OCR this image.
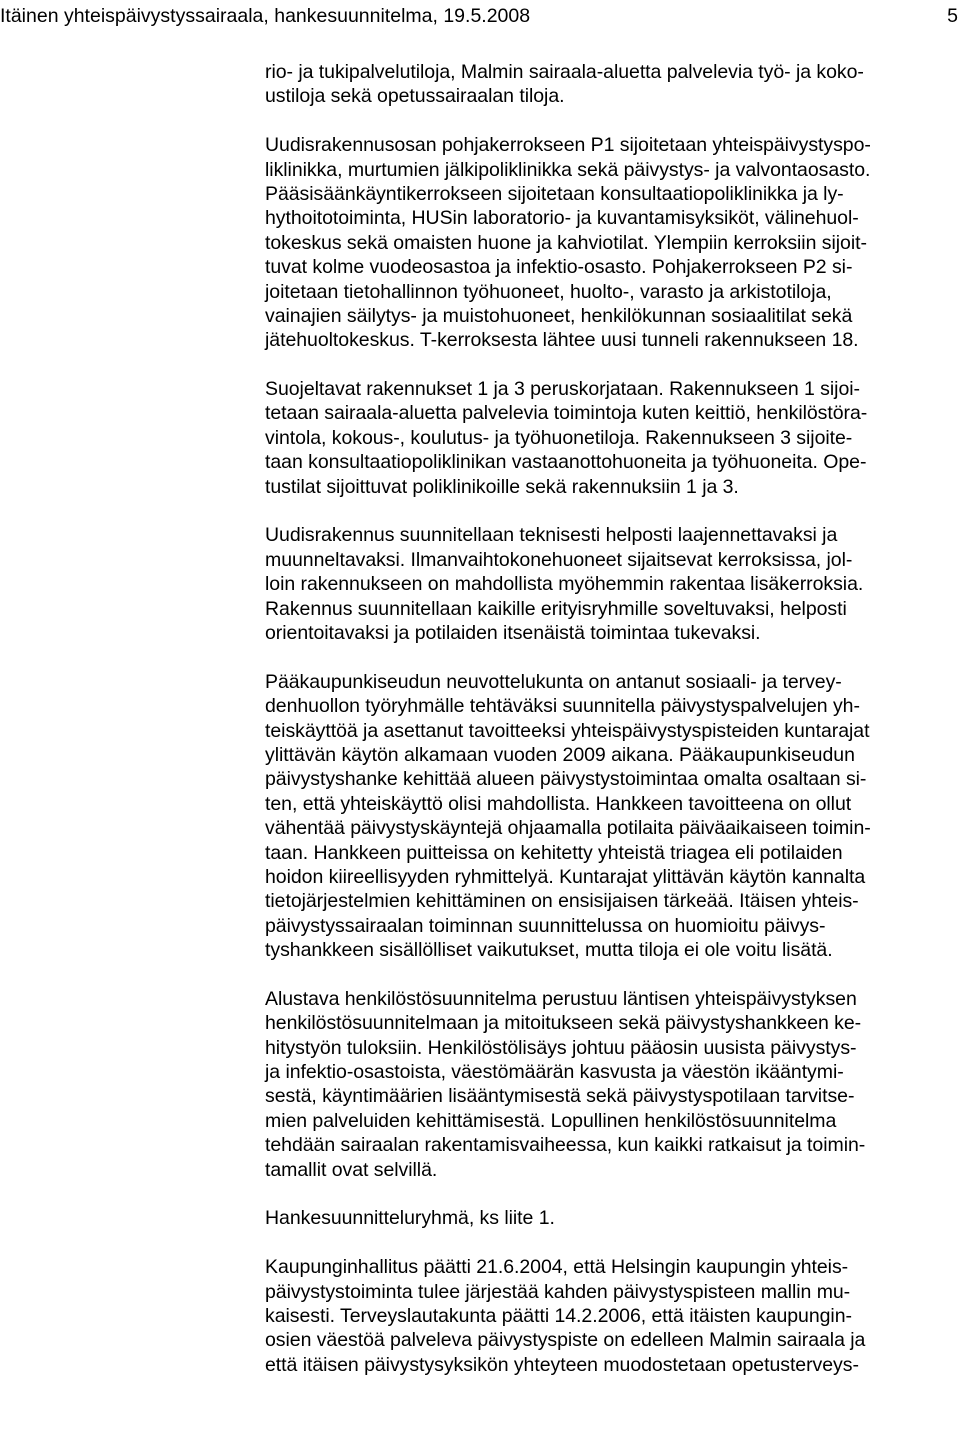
Itäinen yhteispäivystyssairaala, hankesuunnitelma, 19.5.2008	5
rio- ja tukipalvelutiloja, Malmin sairaala-aluetta palvelevia työ- ja koko-
ustiloja sekä opetussairaalan tiloja.
Uudisrakennusosan pohjakerrokseen P1 sijoitetaan yhteispäivystyspo-
liklinikka, murtumien jälkipoliklinikka sekä päivystys- ja valvontaosasto.
Pääsisäänkäyntikerrokseen sijoitetaan konsultaatiopoliklinikka ja ly-
hythoitotoiminta, HUSin laboratorio- ja kuvantamisyksiköt, välinehuol-
tokeskus sekä omaisten huone ja kahviotilat. Ylempiin kerroksiin sijoit-
tuvat kolme vuodeosastoa ja infektio-osasto. Pohjakerrokseen P2 si-
joitetaan tietohallinnon työhuoneet, huolto-, varasto ja arkistotiloja,
vainajien säilytys- ja muistohuoneet, henkilökunnan sosiaalitilat sekä
jätehuoltokeskus. T-kerroksesta lähtee uusi tunneli rakennukseen 18.
Suojeltavat rakennukset 1 ja 3 peruskorjataan. Rakennukseen 1 sijoi-
tetaan sairaala-aluetta palvelevia toimintoja kuten keittiö, henkilöstöra-
vintola, kokous-, koulutus- ja työhuonetiloja. Rakennukseen 3 sijoite-
taan konsultaatiopoliklinikan vastaanottohuoneita ja työhuoneita. Ope-
tustilat sijoittuvat poliklinikoille sekä rakennuksiin 1 ja 3.
Uudisrakennus suunnitellaan teknisesti helposti laajennettavaksi ja
muunneltavaksi. Ilmanvaihtokonehuoneet sijaitsevat kerroksissa, jol-
loin rakennukseen on mahdollista myöhemmin rakentaa lisäkerroksia.
Rakennus suunnitellaan kaikille erityisryhmille soveltuvaksi, helposti
orientoitavaksi ja potilaiden itsenäistä toimintaa tukevaksi.
Pääkaupunkiseudun neuvottelukunta on antanut sosiaali- ja tervey-
denhuollon työryhmälle tehtäväksi suunnitella päivystyspalvelujen yh-
teiskäyttöä ja asettanut tavoitteeksi yhteispäivystyspisteiden kuntarajat
ylittävän käytön alkamaan vuoden 2009 aikana. Pääkaupunkiseudun
päivystyshanke kehittää alueen päivystystoimintaa omalta osaltaan si-
ten, että yhteiskäyttö olisi mahdollista. Hankkeen tavoitteena on ollut
vähentää päivystyskäyntejä ohjaamalla potilaita päiväaikaiseen toimin-
taan. Hankkeen puitteissa on kehitetty yhteistä triagea eli potilaiden
hoidon kiireellisyyden ryhmittelyä. Kuntarajat ylittävän käytön kannalta
tietojärjestelmien kehittäminen on ensisijaisen tärkeää. Itäisen yhteis-
päivystyssairaalan toiminnan suunnittelussa on huomioitu päivys-
tyshankkeen sisällölliset vaikutukset, mutta tiloja ei ole voitu lisätä.
Alustava henkilöstösuunnitelma perustuu läntisen yhteispäivystyksen
henkilöstösuunnitelmaan ja mitoitukseen sekä päivystyshankkeen ke-
hitystyön tuloksiin. Henkilöstölisäys johtuu pääosin uusista päivystys-
ja infektio-osastoista, väestömäärän kasvusta ja väestön ikääntymi-
sestä, käyntimäärien lisääntymisestä sekä päivystyspotilaan tarvitse-
mien palveluiden kehittämisestä. Lopullinen henkilöstösuunnitelma
tehdään sairaalan rakentamisvaiheessa, kun kaikki ratkaisut ja toimin-
tamallit ovat selvillä.
Hankesuunnitteluryhmä, ks liite 1.
Kaupunginhallitus päätti 21.6.2004, että Helsingin kaupungin yhteis-
päivystystoiminta tulee järjestää kahden päivystyspisteen mallin mu-
kaisesti. Terveyslautakunta päätti 14.2.2006, että itäisten kaupungin-
osien väestöä palveleva päivystyspiste on edelleen Malmin sairaala ja
että itäisen päivystysyksikön yhteyteen muodostetaan opetusterveys-
